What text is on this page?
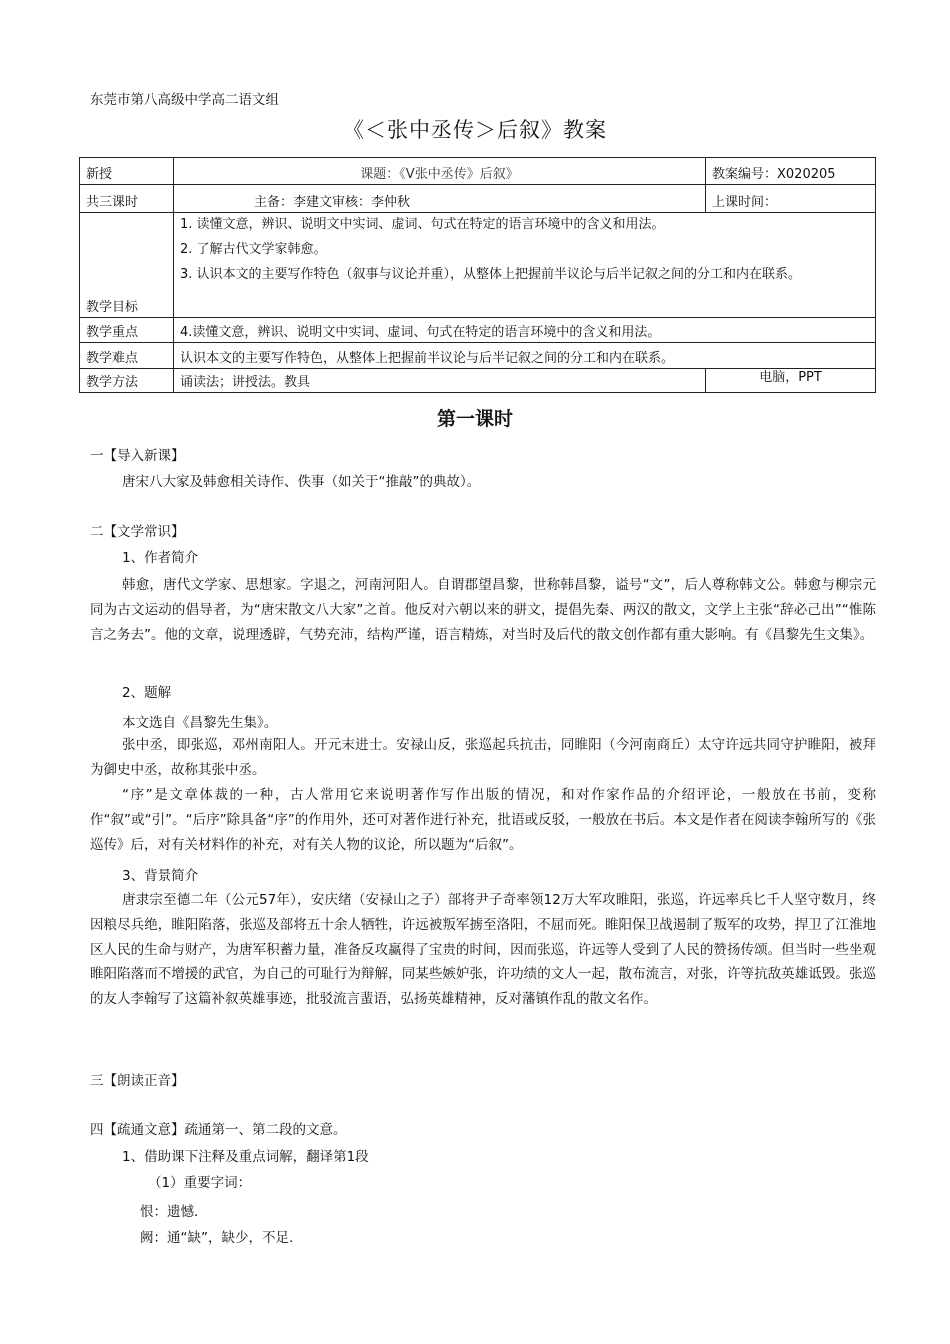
东莞市第八高级中学高二语文组
《＜张中丞传＞后叙》教案
新授	课题：《V张中丞传》后叙》	教案编号：X020205
共三课时	主备：李建文审核：李仲秋	上课时间：
教学目标	1. 读懂文意，辨识、说明文中实词、虚词、句式在特定的语言环境中的含义和用法。

2. 了解古代文学家韩愈。

3. 认识本文的主要写作特色（叙事与议论并重），从整体上把握前半议论与后半记叙之间的分工和内在联系。	

教学重点	4.读懂文意，辨识、说明文中实词、虚词、句式在特定的语言环境中的含义和用法。	
教学难点	认识本文的主要写作特色，从整体上把握前半议论与后半记叙之间的分工和内在联系。	
教学方法	诵读法；讲授法。教具	电脑，PPT
第一课时
一【导入新课】
唐宋八大家及韩愈相关诗作、佚事（如关于“推敲”的典故）。
二【文学常识】
1、作者简介

韩愈，唐代文学家、思想家。字退之，河南河阳人。自谓郡望昌黎，世称韩昌黎，谥号“文”，后人尊称韩文公。韩愈与柳宗元同为古文运动的倡导者，为“唐宋散文八大家”之首。他反对六朝以来的骈文，提倡先秦、两汉的散文，文学上主张“辞必己出”“惟陈言之务去”。他的文章，说理透辟，气势充沛，结构严谨，语言精炼，对当时及后代的散文创作都有重大影响。有《昌黎先生文集》。

2、题解
本文选自《昌黎先生集》。

张中丞，即张巡，邓州南阳人。开元末进士。安禄山反，张巡起兵抗击，同睢阳（今河南商丘）太守许远共同守护睢阳，被拜为御史中丞，故称其张中丞。

“序”是文章体裁的一种，古人常用它来说明著作写作出版的情况，和对作家作品的介绍评论，一般放在书前，变称作“叙”或“引”。“后序”除具备“序”的作用外，还可对著作进行补充，批语或反驳，一般放在书后。本文是作者在阅读李翰所写的《张巡传》后，对有关材料作的补充，对有关人物的议论，所以题为“后叙”。

3、背景简介

唐隶宗至德二年（公元57年），安庆绪（安禄山之子）部将尹子奇率领12万大军攻睢阳，张巡，许远率兵匕千人坚守数月，终因粮尽兵绝，睢阳陷落，张巡及部将五十余人牺牲，许远被叛军掳至洛阳，不屈而死。睢阳保卫战遏制了叛军的攻势，捍卫了江淮地区人民的生命与财产，为唐军积蓄力量，准备反攻赢得了宝贵的时间，因而张巡，许远等人受到了人民的赞扬传颂。但当时一些坐观睢阳陷落而不增援的武官，为自己的可耻行为辩解，同某些嫉妒张，许功绩的文人一起，散布流言，对张，许等抗敌英雄诋毁。张巡的友人李翰写了这篇补叙英雄事迹，批驳流言蜚语，弘扬英雄精神，反对藩镇作乱的散文名作。

三【朗读正音】
四【疏通文意】疏通第一、第二段的文意。
1、借助课下注释及重点词解，翻译第1段
（1）重要字词：
恨：遗憾.
阙：通“缺”，缺少，不足.
